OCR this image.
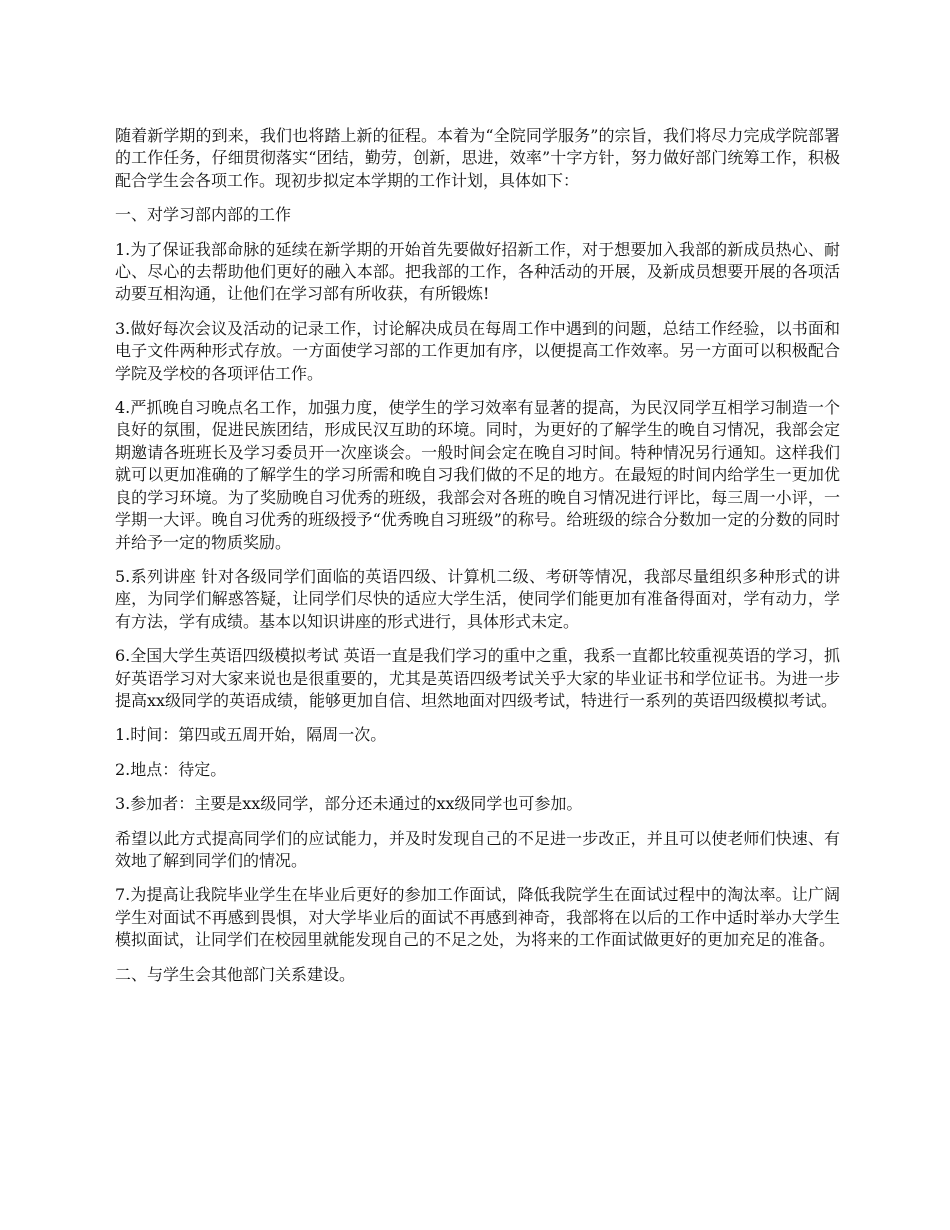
随着新学期的到来，我们也将踏上新的征程。本着为“全院同学服务”的宗旨，我们将尽力完成学院部署的工作任务，仔细贯彻落实“团结，勤劳，创新，思进，效率”十字方针，努力做好部门统筹工作，积极配合学生会各项工作。现初步拟定本学期的工作计划，具体如下：

一、对学习部内部的工作

1.为了保证我部命脉的延续在新学期的开始首先要做好招新工作，对于想要加入我部的新成员热心、耐心、尽心的去帮助他们更好的融入本部。把我部的工作，各种活动的开展，及新成员想要开展的各项活动要互相沟通，让他们在学习部有所收获，有所锻炼!

3.做好每次会议及活动的记录工作，讨论解决成员在每周工作中遇到的问题，总结工作经验，以书面和电子文件两种形式存放。一方面使学习部的工作更加有序，以便提高工作效率。另一方面可以积极配合学院及学校的各项评估工作。

4.严抓晚自习晚点名工作，加强力度，使学生的学习效率有显著的提高，为民汉同学互相学习制造一个良好的氛围，促进民族团结，形成民汉互助的环境。同时，为更好的了解学生的晚自习情况，我部会定期邀请各班班长及学习委员开一次座谈会。一般时间会定在晚自习时间。特种情况另行通知。这样我们就可以更加准确的了解学生的学习所需和晚自习我们做的不足的地方。在最短的时间内给学生一更加优良的学习环境。为了奖励晚自习优秀的班级，我部会对各班的晚自习情况进行评比，每三周一小评，一学期一大评。晚自习优秀的班级授予“优秀晚自习班级”的称号。给班级的综合分数加一定的分数的同时并给予一定的物质奖励。

5.系列讲座 针对各级同学们面临的英语四级、计算机二级、考研等情况，我部尽量组织多种形式的讲座，为同学们解惑答疑，让同学们尽快的适应大学生活，使同学们能更加有准备得面对，学有动力，学有方法，学有成绩。基本以知识讲座的形式进行，具体形式未定。

6.全国大学生英语四级模拟考试 英语一直是我们学习的重中之重，我系一直都比较重视英语的学习，抓好英语学习对大家来说也是很重要的，尤其是英语四级考试关乎大家的毕业证书和学位证书。为进一步提高xx级同学的英语成绩，能够更加自信、坦然地面对四级考试，特进行一系列的英语四级模拟考试。

1.时间：第四或五周开始，隔周一次。

2.地点：待定。

3.参加者：主要是xx级同学，部分还未通过的xx级同学也可参加。

希望以此方式提高同学们的应试能力，并及时发现自己的不足进一步改正，并且可以使老师们快速、有效地了解到同学们的情况。

7.为提高让我院毕业学生在毕业后更好的参加工作面试，降低我院学生在面试过程中的淘汰率。让广阔学生对面试不再感到畏惧，对大学毕业后的面试不再感到神奇，我部将在以后的工作中适时举办大学生模拟面试，让同学们在校园里就能发现自己的不足之处，为将来的工作面试做更好的更加充足的准备。

二、与学生会其他部门关系建设。
